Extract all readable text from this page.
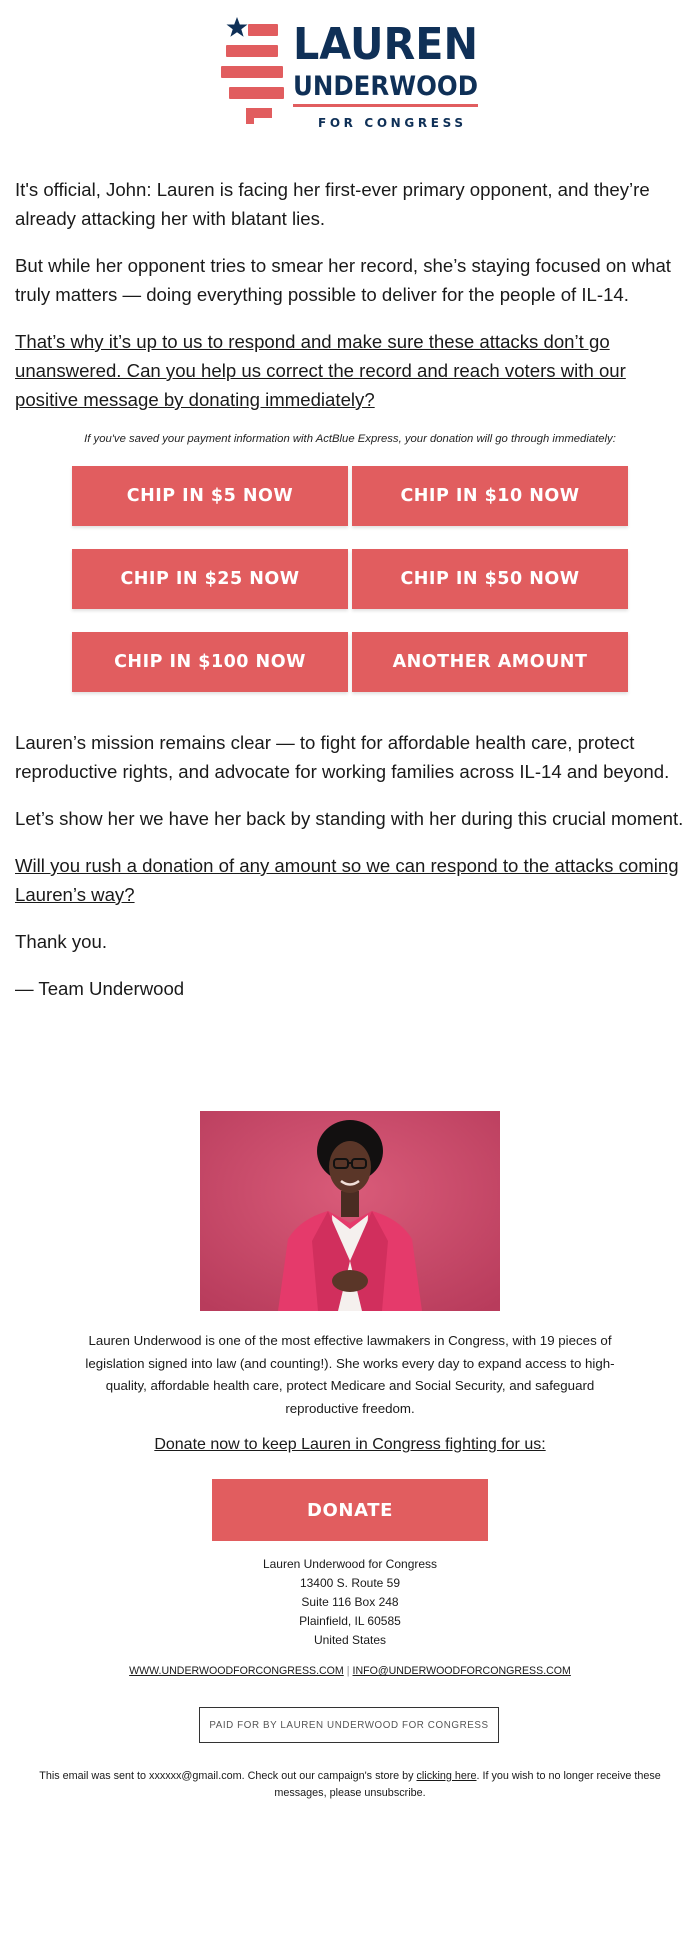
LAUREN
UNDERWOOD
FOR CONGRESS

It's official, John: Lauren is facing her first-ever primary opponent, and they’re already attacking her with blatant lies.

But while her opponent tries to smear her record, she’s staying focused on what truly matters — doing everything possible to deliver for the people of IL-14.

That’s why it’s up to us to respond and make sure these attacks don’t go unanswered. Can you help us correct the record and reach voters with our positive message by donating immediately?

If you've saved your payment information with ActBlue Express, your donation will go through immediately:
CHIP IN $5 NOW	CHIP IN $10 NOW
CHIP IN $25 NOW	CHIP IN $50 NOW
CHIP IN $100 NOW	ANOTHER AMOUNT

Lauren’s mission remains clear — to fight for affordable health care, protect reproductive rights, and advocate for working families across IL-14 and beyond.

Let’s show her we have her back by standing with her during this crucial moment.

Will you rush a donation of any amount so we can respond to the attacks coming Lauren’s way?

Thank you.

— Team Underwood

Lauren Underwood is one of the most effective lawmakers in Congress, with 19 pieces of legislation signed into law (and counting!). She works every day to expand access to high-quality, affordable health care, protect Medicare and Social Security, and safeguard reproductive freedom.
Donate now to keep Lauren in Congress fighting for us:
DONATE
Lauren Underwood for Congress
13400 S. Route 59
Suite 116 Box 248
Plainfield, IL 60585
United States
WWW.UNDERWOODFORCONGRESS.COM | INFO@UNDERWOODFORCONGRESS.COM
PAID FOR BY LAUREN UNDERWOOD FOR CONGRESS
This email was sent to xxxxxx@gmail.com. Check out our campaign's store by clicking here. If you wish to no longer receive these messages, please unsubscribe.
